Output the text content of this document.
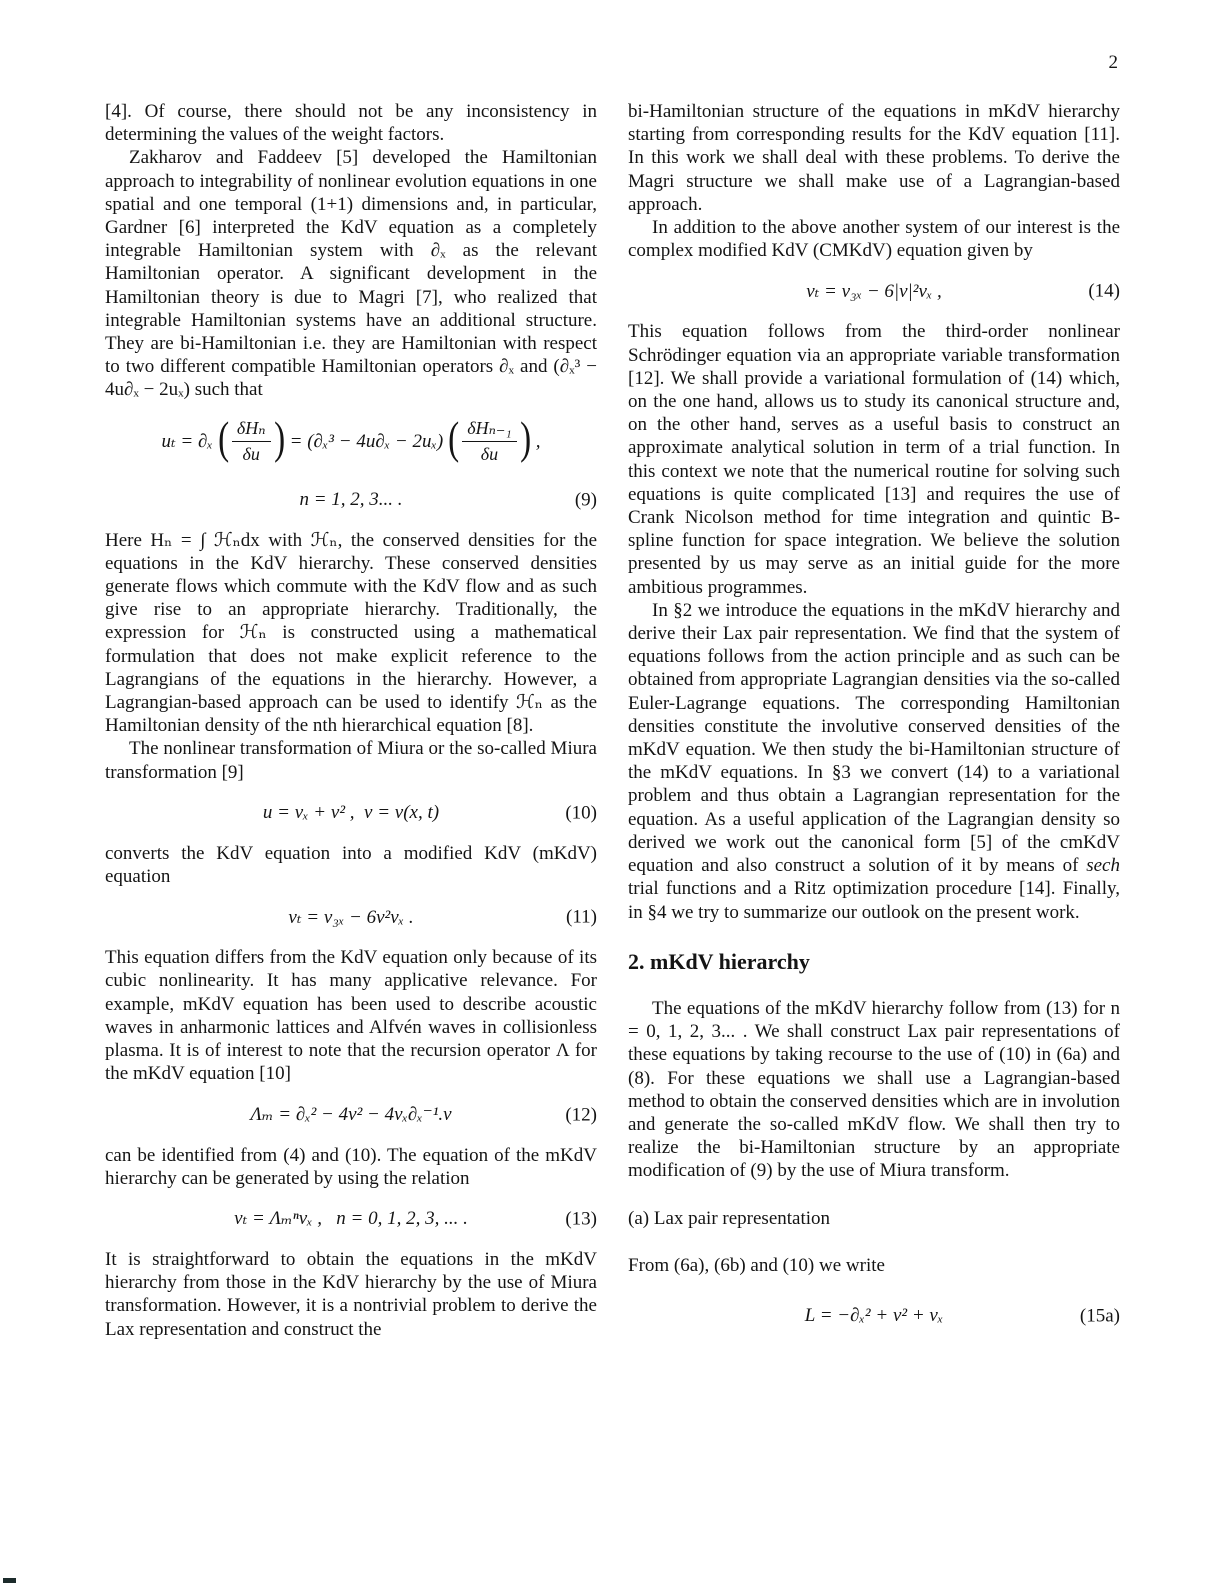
2

[4]. Of course, there should not be any inconsistency in determining the values of the weight factors.

Zakharov and Faddeev [5] developed the Hamiltonian approach to integrability of nonlinear evolution equations in one spatial and one temporal (1+1) dimensions and, in particular, Gardner [6] interpreted the KdV equation as a completely integrable Hamiltonian system with ∂ₓ as the relevant Hamiltonian operator. A significant development in the Hamiltonian theory is due to Magri [7], who realized that integrable Hamiltonian systems have an additional structure. They are bi-Hamiltonian i.e. they are Hamiltonian with respect to two different compatible Hamiltonian operators ∂ₓ and (∂ₓ³ − 4u∂ₓ − 2uₓ) such that

uₜ = ∂ₓ ( $\frac{\text{δHₙ}}{\delta u}$ ) = (∂ₓ³ − 4u∂ₓ − 2uₓ) ( $\frac{\text{δHₙ₋₁}}{\delta u}$ ) ,
n = 1, 2, 3... .	(9)

Here Hₙ = ∫ ℋₙdx with ℋₙ, the conserved densities for the equations in the KdV hierarchy. These conserved densities generate flows which commute with the KdV flow and as such give rise to an appropriate hierarchy. Traditionally, the expression for ℋₙ is constructed using a mathematical formulation that does not make explicit reference to the Lagrangians of the equations in the hierarchy. However, a Lagrangian-based approach can be used to identify ℋₙ as the Hamiltonian density of the nth hierarchical equation [8].

The nonlinear transformation of Miura or the so-called Miura transformation [9]

u = vₓ + v² ,  v = v(x, t)	(10)

converts the KdV equation into a modified KdV (mKdV) equation

vₜ = v₃ₓ − 6v²vₓ .	(11)

This equation differs from the KdV equation only because of its cubic nonlinearity. It has many applicative relevance. For example, mKdV equation has been used to describe acoustic waves in anharmonic lattices and Alfvén waves in collisionless plasma. It is of interest to note that the recursion operator Λ for the mKdV equation [10]

Λₘ = ∂ₓ² − 4v² − 4vₓ∂ₓ⁻¹.v	(12)

can be identified from (4) and (10). The equation of the mKdV hierarchy can be generated by using the relation

vₜ = Λₘⁿvₓ ,   n = 0, 1, 2, 3, ... .	(13)

It is straightforward to obtain the equations in the mKdV hierarchy from those in the KdV hierarchy by the use of Miura transformation. However, it is a nontrivial problem to derive the Lax representation and construct the

bi-Hamiltonian structure of the equations in mKdV hierarchy starting from corresponding results for the KdV equation [11]. In this work we shall deal with these problems. To derive the Magri structure we shall make use of a Lagrangian-based approach.

In addition to the above another system of our interest is the complex modified KdV (CMKdV) equation given by

vₜ = v₃ₓ − 6|v|²vₓ ,	(14)

This equation follows from the third-order nonlinear Schrödinger equation via an appropriate variable transformation [12]. We shall provide a variational formulation of (14) which, on the one hand, allows us to study its canonical structure and, on the other hand, serves as a useful basis to construct an approximate analytical solution in term of a trial function. In this context we note that the numerical routine for solving such equations is quite complicated [13] and requires the use of Crank Nicolson method for time integration and quintic B-spline function for space integration. We believe the solution presented by us may serve as an initial guide for the more ambitious programmes.

In §2 we introduce the equations in the mKdV hierarchy and derive their Lax pair representation. We find that the system of equations follows from the action principle and as such can be obtained from appropriate Lagrangian densities via the so-called Euler-Lagrange equations. The corresponding Hamiltonian densities constitute the involutive conserved densities of the mKdV equation. We then study the bi-Hamiltonian structure of the mKdV equations. In §3 we convert (14) to a variational problem and thus obtain a Lagrangian representation for the equation. As a useful application of the Lagrangian density so derived we work out the canonical form [5] of the cmKdV equation and also construct a solution of it by means of sech trial functions and a Ritz optimization procedure [14]. Finally, in §4 we try to summarize our outlook on the present work.

2. mKdV hierarchy

The equations of the mKdV hierarchy follow from (13) for n = 0, 1, 2, 3... . We shall construct Lax pair representations of these equations by taking recourse to the use of (10) in (6a) and (8). For these equations we shall use a Lagrangian-based method to obtain the conserved densities which are in involution and generate the so-called mKdV flow. We shall then try to realize the bi-Hamiltonian structure by an appropriate modification of (9) by the use of Miura transform.

(a) Lax pair representation

From (6a), (6b) and (10) we write

L = −∂ₓ² + v² + vₓ	(15a)
